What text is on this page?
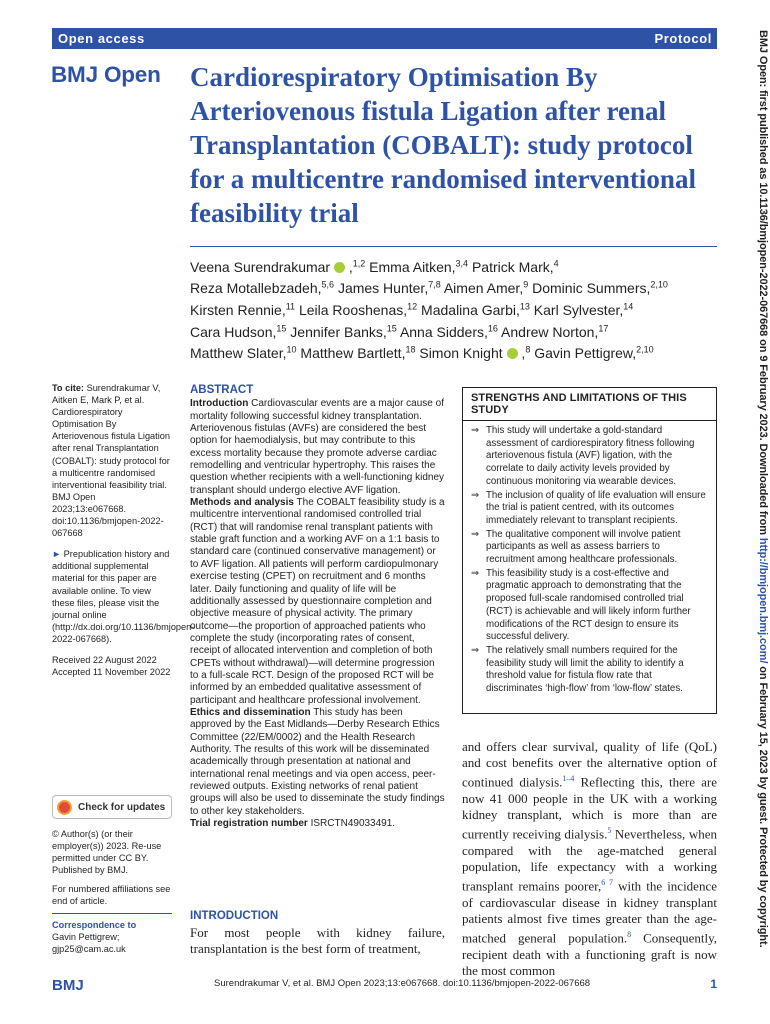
Open access	Protocol
BMJ Open Cardiorespiratory Optimisation By Arteriovenous fistula Ligation after renal Transplantation (COBALT): study protocol for a multicentre randomised interventional feasibility trial
Veena Surendrakumar ,$^{1,2}$ Emma Aitken,$^{3,4}$ Patrick Mark,$^4$
Reza Motallebzadeh,$^{5,6}$ James Hunter,$^{7,8}$ Aimen Amer,$^9$ Dominic Summers,$^{2,10}$
Kirsten Rennie,$^{11}$ Leila Rooshenas,$^{12}$ Madalina Garbi,$^{13}$ Karl Sylvester,$^{14}$
Cara Hudson,$^{15}$ Jennifer Banks,$^{15}$ Anna Sidders,$^{16}$ Andrew Norton,$^{17}$
Matthew Slater,$^{10}$ Matthew Bartlett,$^{18}$ Simon Knight ,$^8$ Gavin Pettigrew,$^{2,10}$

To cite: Surendrakumar V, Aitken E, Mark P, et al. Cardiorespiratory Optimisation By Arteriovenous fistula Ligation after renal Transplantation (COBALT): study protocol for a multicentre randomised interventional feasibility trial. BMJ Open 2023;13:e067668. doi:10.1136/bmjopen-2022-067668

► Prepublication history and additional supplemental material for this paper are available online. To view these files, please visit the journal online (http://dx.doi.org/10.1136/bmjopen-2022-067668).

Received 22 August 2022
Accepted 11 November 2022

Check for updates

© Author(s) (or their employer(s)) 2023. Re-use permitted under CC BY. Published by BMJ.

For numbered affiliations see end of article.

Correspondence to
Gavin Pettigrew;
gjp25@cam.ac.uk
ABSTRACT
Introduction Cardiovascular events are a major cause of mortality following successful kidney transplantation. Arteriovenous fistulas (AVFs) are considered the best option for haemodialysis, but may contribute to this excess mortality because they promote adverse cardiac remodelling and ventricular hypertrophy. This raises the question whether recipients with a well-functioning kidney transplant should undergo elective AVF ligation.
Methods and analysis The COBALT feasibility study is a multicentre interventional randomised controlled trial (RCT) that will randomise renal transplant patients with stable graft function and a working AVF on a 1:1 basis to standard care (continued conservative management) or to AVF ligation. All patients will perform cardiopulmonary exercise testing (CPET) on recruitment and 6 months later. Daily functioning and quality of life will be additionally assessed by questionnaire completion and objective measure of physical activity. The primary outcome—the proportion of approached patients who complete the study (incorporating rates of consent, receipt of allocated intervention and completion of both CPETs without withdrawal)—will determine progression to a full-scale RCT. Design of the proposed RCT will be informed by an embedded qualitative assessment of participant and healthcare professional involvement.
Ethics and dissemination This study has been approved by the East Midlands—Derby Research Ethics Committee (22/EM/0002) and the Health Research Authority. The results of this work will be disseminated academically through presentation at national and international renal meetings and via open access, peer-reviewed outputs. Existing networks of renal patient groups will also be used to disseminate the study findings to other key stakeholders.
Trial registration number ISRCTN49033491.
STRENGTHS AND LIMITATIONS OF THIS STUDY
⇒ This study will undertake a gold-standard assessment of cardiorespiratory fitness following arteriovenous fistula (AVF) ligation, with the correlate to daily activity levels provided by continuous monitoring via wearable devices.
⇒ The inclusion of quality of life evaluation will ensure the trial is patient centred, with its outcomes immediately relevant to transplant recipients.
⇒ The qualitative component will involve patient participants as well as assess barriers to recruitment among healthcare professionals.
⇒ This feasibility study is a cost-effective and pragmatic approach to demonstrating that the proposed full-scale randomised controlled trial (RCT) is achievable and will likely inform further modifications of the RCT design to ensure its successful delivery.
⇒ The relatively small numbers required for the feasibility study will limit the ability to identify a threshold value for fistula flow rate that discriminates ‘high-flow’ from ‘low-flow’ states.
INTRODUCTION

For most people with kidney failure, transplantation is the best form of treatment,

and offers clear survival, quality of life (QoL) and cost benefits over the alternative option of continued dialysis.$^{1-4}$ Reflecting this, there are now 41 000 people in the UK with a working kidney transplant, which is more than are currently receiving dialysis.$^5$ Nevertheless, when compared with the age-matched general population, life expectancy with a working transplant remains poorer,$^{6 7}$ with the incidence of cardiovascular disease in kidney transplant patients almost five times greater than the age-matched general population.$^8$ Consequently, recipient death with a functioning graft is now the most common

BMJ Open: first published as 10.1136/bmjopen-2022-067668 on 9 February 2023. Downloaded from http://bmjopen.bmj.com/ on February 15, 2023 by guest. Protected by copyright.
BMJ	Surendrakumar V, et al. BMJ Open 2023;13:e067668. doi:10.1136/bmjopen-2022-067668	1
